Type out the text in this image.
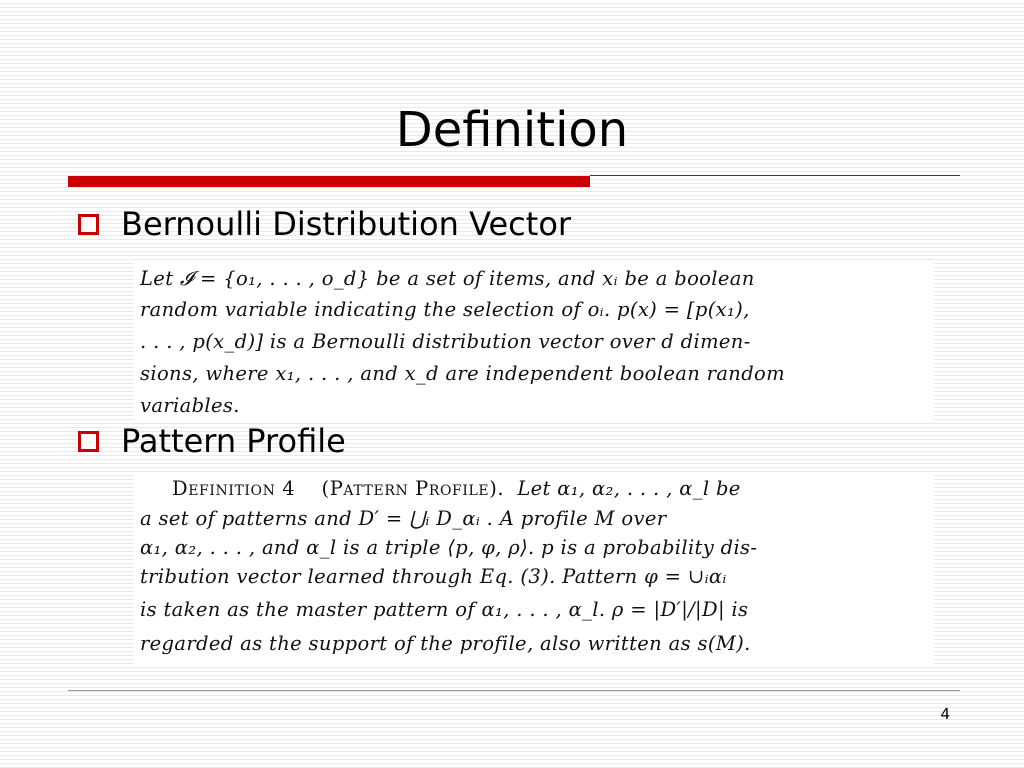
Definition
Bernoulli Distribution Vector
Let 𝓘 = {o₁, . . . , o_d} be a set of items, and xᵢ be a boolean
random variable indicating the selection of oᵢ. p(x) = [p(x₁),
. . . , p(x_d)] is a Bernoulli distribution vector over d dimen-
sions, where x₁, . . . , and x_d are independent boolean random
variables.
Pattern Profile
Definition 4 (Pattern Profile). Let α₁, α₂, . . . , α_l be
a set of patterns and D′ = ⋃ᵢ D_αᵢ . A profile M over
α₁, α₂, . . . , and α_l is a triple ⟨p, φ, ρ⟩. p is a probability dis-
tribution vector learned through Eq. (3). Pattern φ = ∪ᵢαᵢ
is taken as the master pattern of α₁, . . . , α_l. ρ = |D′|/|D| is
regarded as the support of the profile, also written as s(M).
4
